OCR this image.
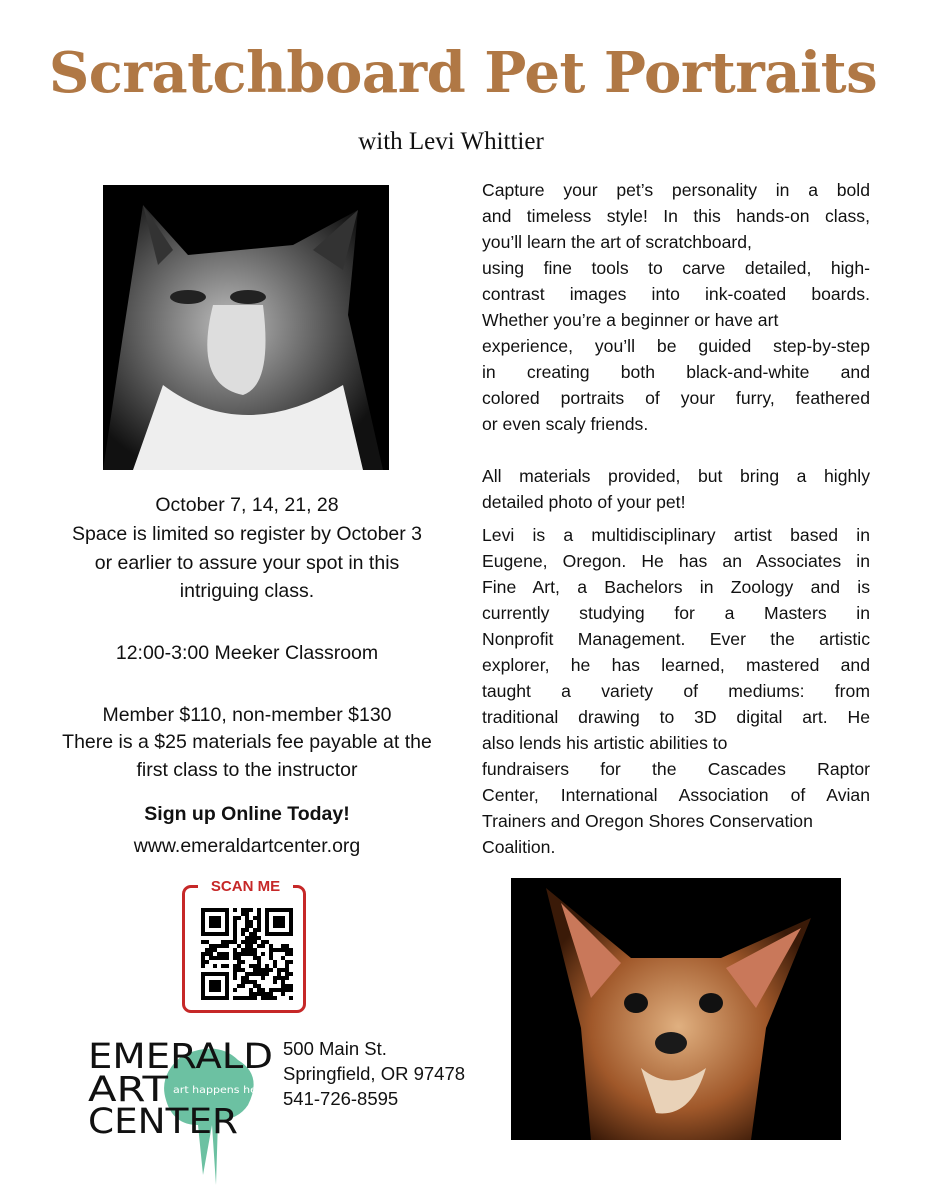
Scratchboard Pet Portraits
with Levi Whittier
Capture your pet’s personality in a bold
and timeless style! In this hands-on class,
you’ll learn the art of scratchboard,
using fine tools to carve detailed, high-
contrast images into ink-coated boards.
Whether you’re a beginner or have art
experience, you’ll be guided step-by-step
in creating both black-and-white and
colored portraits of your furry, feathered
or even scaly friends.
All materials provided, but bring a highly
detailed photo of your pet!
Levi is a multidisciplinary artist based in
Eugene, Oregon. He has an Associates in
Fine Art, a Bachelors in Zoology and is
currently studying for a Masters in
Nonprofit Management. Ever the artistic
explorer, he has learned, mastered and
taught a variety of mediums: from
traditional drawing to 3D digital art. He
also lends his artistic abilities to
fundraisers for the Cascades Raptor
Center, International Association of Avian
Trainers and Oregon Shores Conservation
Coalition.
October 7, 14, 21, 28
Space is limited so register by October 3
or earlier to assure your spot in this
intriguing class.
12:00-3:00 Meeker Classroom
Member $110, non-member $130
There is a $25 materials fee payable at the
first class to the instructor
Sign up Online Today!
www.emeraldartcenter.org
SCAN ME
EMERALD
ART
CENTER
art happens here
500 Main St.
Springfield, OR 97478
541-726-8595
